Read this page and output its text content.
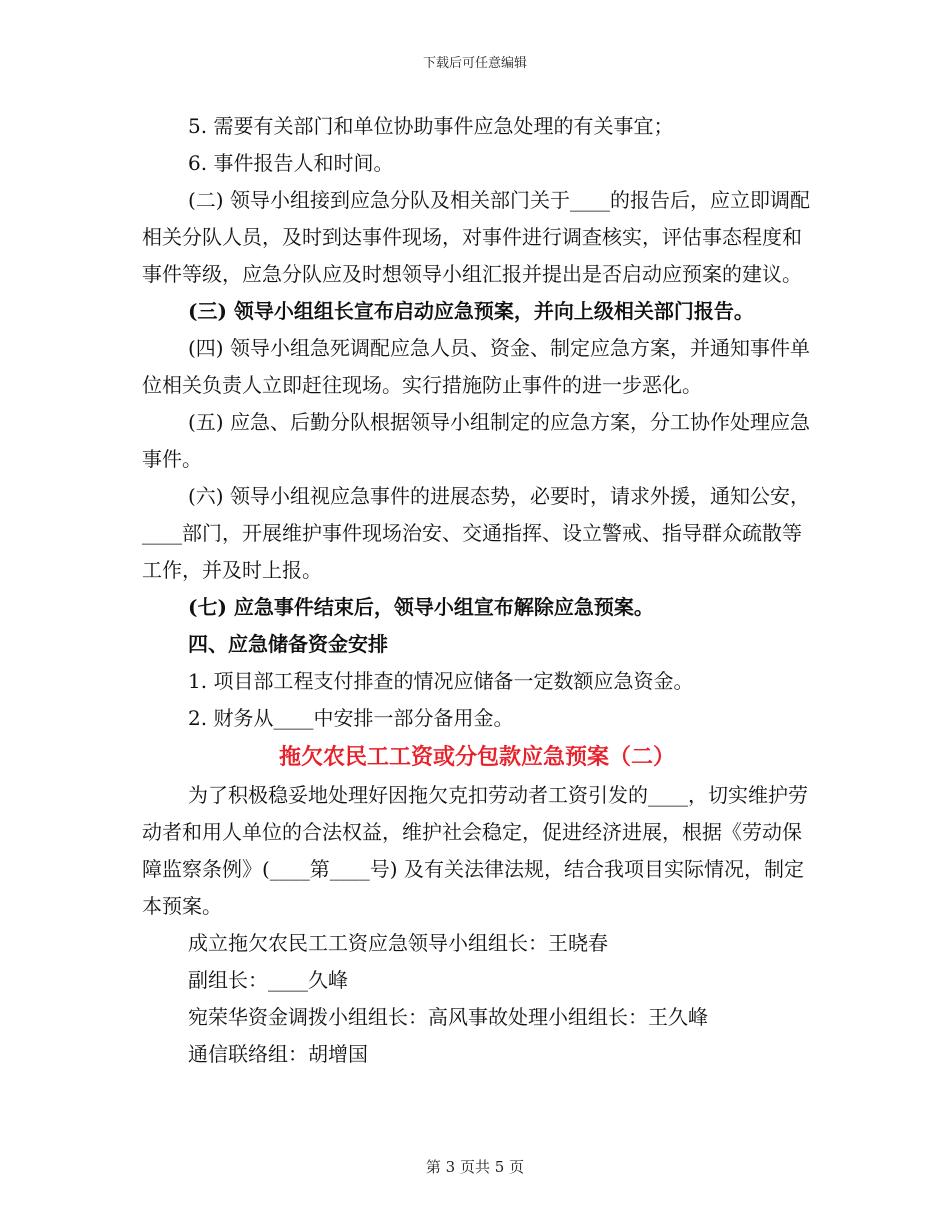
下载后可任意编辑

5. 需要有关部门和单位协助事件应急处理的有关事宜；

6. 事件报告人和时间。

(二) 领导小组接到应急分队及相关部门关于____的报告后，应立即调配相关分队人员，及时到达事件现场，对事件进行调查核实，评估事态程度和事件等级，应急分队应及时想领导小组汇报并提出是否启动应预案的建议。

(三) 领导小组组长宣布启动应急预案，并向上级相关部门报告。

(四) 领导小组急死调配应急人员、资金、制定应急方案，并通知事件单位相关负责人立即赶往现场。实行措施防止事件的进一步恶化。

(五) 应急、后勤分队根据领导小组制定的应急方案，分工协作处理应急事件。

(六) 领导小组视应急事件的进展态势，必要时，请求外援，通知公安，____部门，开展维护事件现场治安、交通指挥、设立警戒、指导群众疏散等工作，并及时上报。

(七) 应急事件结束后，领导小组宣布解除应急预案。

四、应急储备资金安排

1. 项目部工程支付排查的情况应储备一定数额应急资金。

2. 财务从____中安排一部分备用金。

拖欠农民工工资或分包款应急预案（二）

为了积极稳妥地处理好因拖欠克扣劳动者工资引发的____，切实维护劳动者和用人单位的合法权益，维护社会稳定，促进经济进展，根据《劳动保障监察条例》(____第____号) 及有关法律法规，结合我项目实际情况，制定本预案。

成立拖欠农民工工资应急领导小组组长：王晓春

副组长：____久峰

宛荣华资金调拨小组组长：高风事故处理小组组长：王久峰

通信联络组：胡增国

第 3 页共 5 页
